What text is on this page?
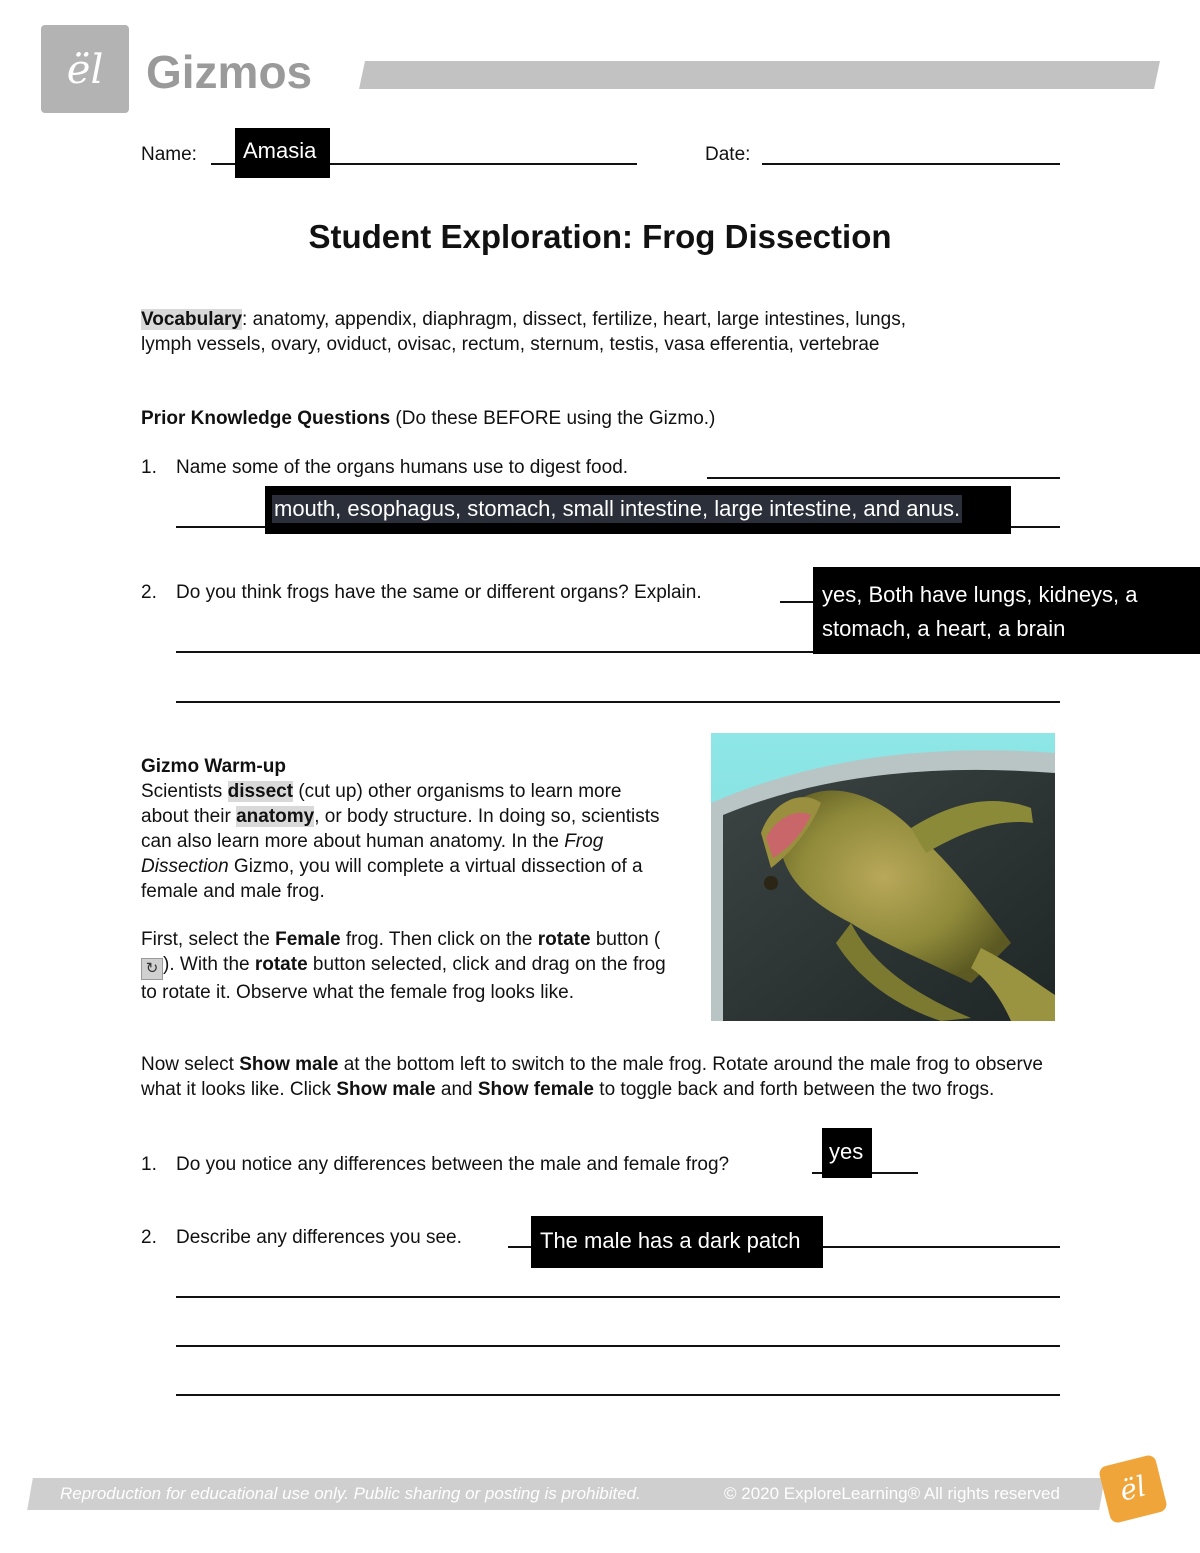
ël Gizmos
Name: Amasia	Date:
Student Exploration: Frog Dissection
Vocabulary: anatomy, appendix, diaphragm, dissect, fertilize, heart, large intestines, lungs,
lymph vessels, ovary, oviduct, ovisac, rectum, sternum, testis, vasa efferentia, vertebrae
Prior Knowledge Questions (Do these BEFORE using the Gizmo.)
1. Name some of the organs humans use to digest food.
mouth, esophagus, stomach, small intestine, large intestine, and anus.
2. Do you think frogs have the same or different organs? Explain.	yes, Both have lungs, kidneys, a
stomach, a heart, a brain
Gizmo Warm-up
Scientists dissect (cut up) other organisms to learn more about their anatomy, or body structure. In doing so, scientists can also learn more about human anatomy. In the Frog Dissection Gizmo, you will complete a virtual dissection of a female and male frog.
First, select the Female frog. Then click on the rotate button (↻ ). With the rotate button selected, click and drag on the frog to rotate it. Observe what the female frog looks like.
Now select Show male at the bottom left to switch to the male frog. Rotate around the male frog to observe what it looks like. Click Show male and Show female to toggle back and forth between the two frogs.
1. Do you notice any differences between the male and female frog?
yes
2. Describe any differences you see.	The male has a dark patch
Reproduction for educational use only. Public sharing or posting is prohibited.	© 2020 ExploreLearning® All rights reserved	ël
